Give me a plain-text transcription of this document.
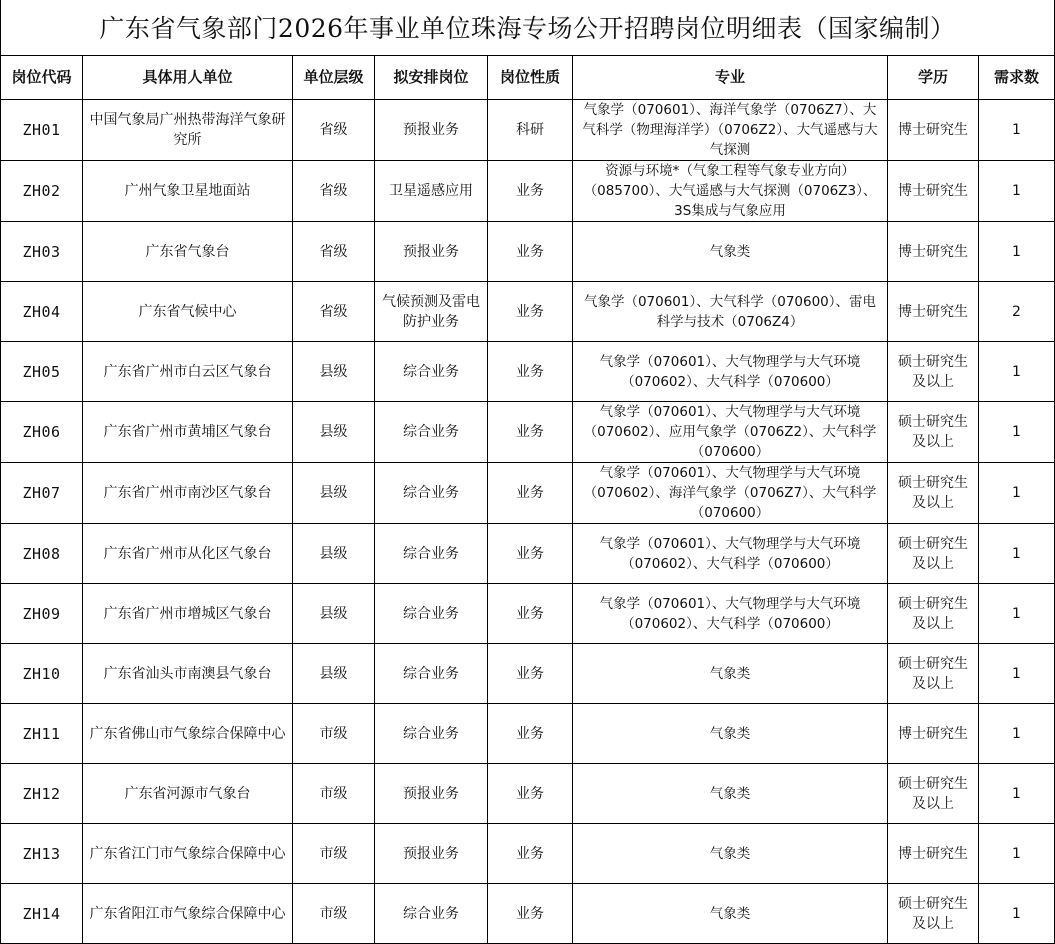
广东省气象部门2026年事业单位珠海专场公开招聘岗位明细表（国家编制）
岗位代码	具体用人单位	单位层级	拟安排岗位	岗位性质	专业	学历	需求数
ZH01	中国气象局广州热带海洋气象研究所	省级	预报业务	科研	气象学（070601）、海洋气象学（0706Z7）、大气科学（物理海洋学）（0706Z2）、大气遥感与大气探测	博士研究生	1
ZH02	广州气象卫星地面站	省级	卫星遥感应用	业务	资源与环境*（气象工程等气象专业方向）（085700）、大气遥感与大气探测（0706Z3）、3S集成与气象应用	博士研究生	1
ZH03	广东省气象台	省级	预报业务	业务	气象类	博士研究生	1
ZH04	广东省气候中心	省级	气候预测及雷电防护业务	业务	气象学（070601）、大气科学（070600）、雷电科学与技术（0706Z4）	博士研究生	2
ZH05	广东省广州市白云区气象台	县级	综合业务	业务	气象学（070601）、大气物理学与大气环境（070602）、大气科学（070600）	硕士研究生及以上	1
ZH06	广东省广州市黄埔区气象台	县级	综合业务	业务	气象学（070601）、大气物理学与大气环境（070602）、应用气象学（0706Z2）、大气科学（070600）	硕士研究生及以上	1
ZH07	广东省广州市南沙区气象台	县级	综合业务	业务	气象学（070601）、大气物理学与大气环境（070602）、海洋气象学（0706Z7）、大气科学（070600）	硕士研究生及以上	1
ZH08	广东省广州市从化区气象台	县级	综合业务	业务	气象学（070601）、大气物理学与大气环境（070602）、大气科学（070600）	硕士研究生及以上	1
ZH09	广东省广州市增城区气象台	县级	综合业务	业务	气象学（070601）、大气物理学与大气环境（070602）、大气科学（070600）	硕士研究生及以上	1
ZH10	广东省汕头市南澳县气象台	县级	综合业务	业务	气象类	硕士研究生及以上	1
ZH11	广东省佛山市气象综合保障中心	市级	综合业务	业务	气象类	博士研究生	1
ZH12	广东省河源市气象台	市级	预报业务	业务	气象类	硕士研究生及以上	1
ZH13	广东省江门市气象综合保障中心	市级	预报业务	业务	气象类	博士研究生	1
ZH14	广东省阳江市气象综合保障中心	市级	综合业务	业务	气象类	硕士研究生及以上	1
